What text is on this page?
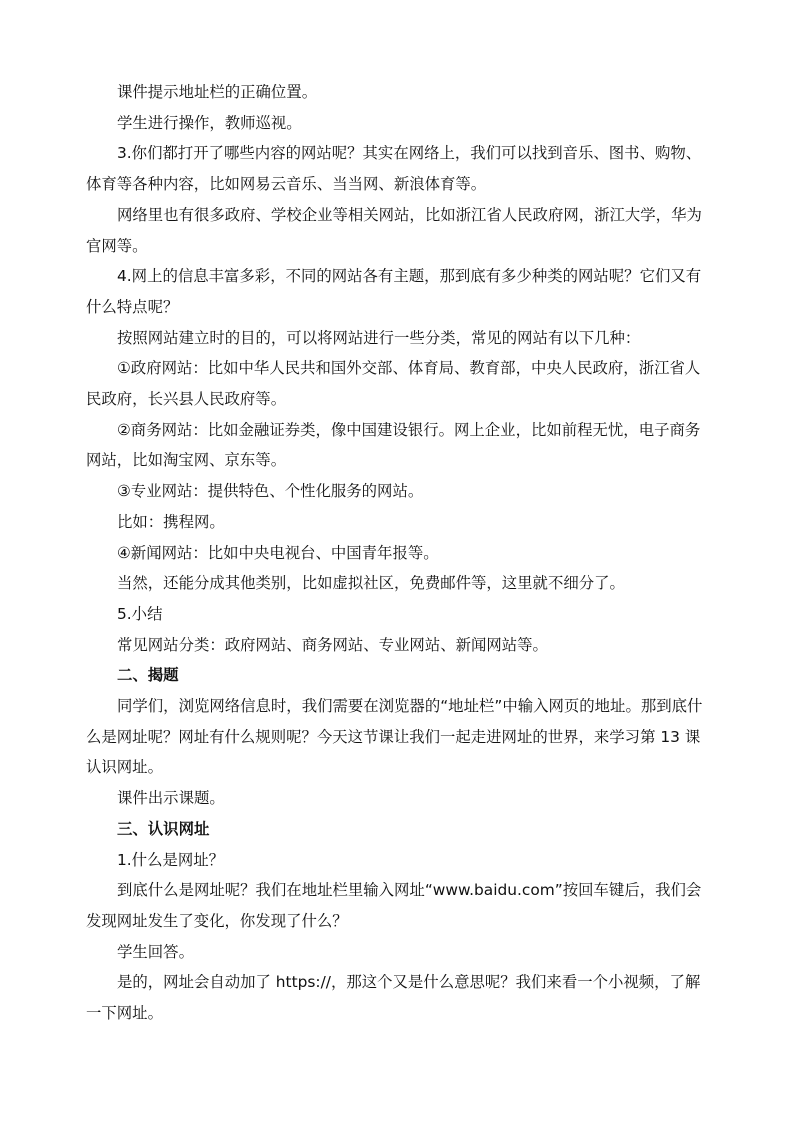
课件提示地址栏的正确位置。

学生进行操作，教师巡视。

3.你们都打开了哪些内容的网站呢？其实在网络上，我们可以找到音乐、图书、购物、体育等各种内容，比如网易云音乐、当当网、新浪体育等。

网络里也有很多政府、学校企业等相关网站，比如浙江省人民政府网，浙江大学，华为官网等。

4.网上的信息丰富多彩，不同的网站各有主题，那到底有多少种类的网站呢？它们又有什么特点呢？

按照网站建立时的目的，可以将网站进行一些分类，常见的网站有以下几种：

①政府网站：比如中华人民共和国外交部、体育局、教育部，中央人民政府，浙江省人民政府，长兴县人民政府等。

②商务网站：比如金融证券类，像中国建设银行。网上企业，比如前程无忧，电子商务网站，比如淘宝网、京东等。

③专业网站：提供特色、个性化服务的网站。

比如：携程网。

④新闻网站：比如中央电视台、中国青年报等。

当然，还能分成其他类别，比如虚拟社区，免费邮件等，这里就不细分了。

5.小结

常见网站分类：政府网站、商务网站、专业网站、新闻网站等。

二、揭题

同学们，浏览网络信息时，我们需要在浏览器的“地址栏”中输入网页的地址。那到底什么是网址呢？网址有什么规则呢？今天这节课让我们一起走进网址的世界，来学习第 13 课 认识网址。

课件出示课题。

三、认识网址

1.什么是网址？

到底什么是网址呢？我们在地址栏里输入网址“www.baidu.com”按回车键后，我们会发现网址发生了变化，你发现了什么？

学生回答。

是的，网址会自动加了 https://，那这个又是什么意思呢？我们来看一个小视频，了解一下网址。
